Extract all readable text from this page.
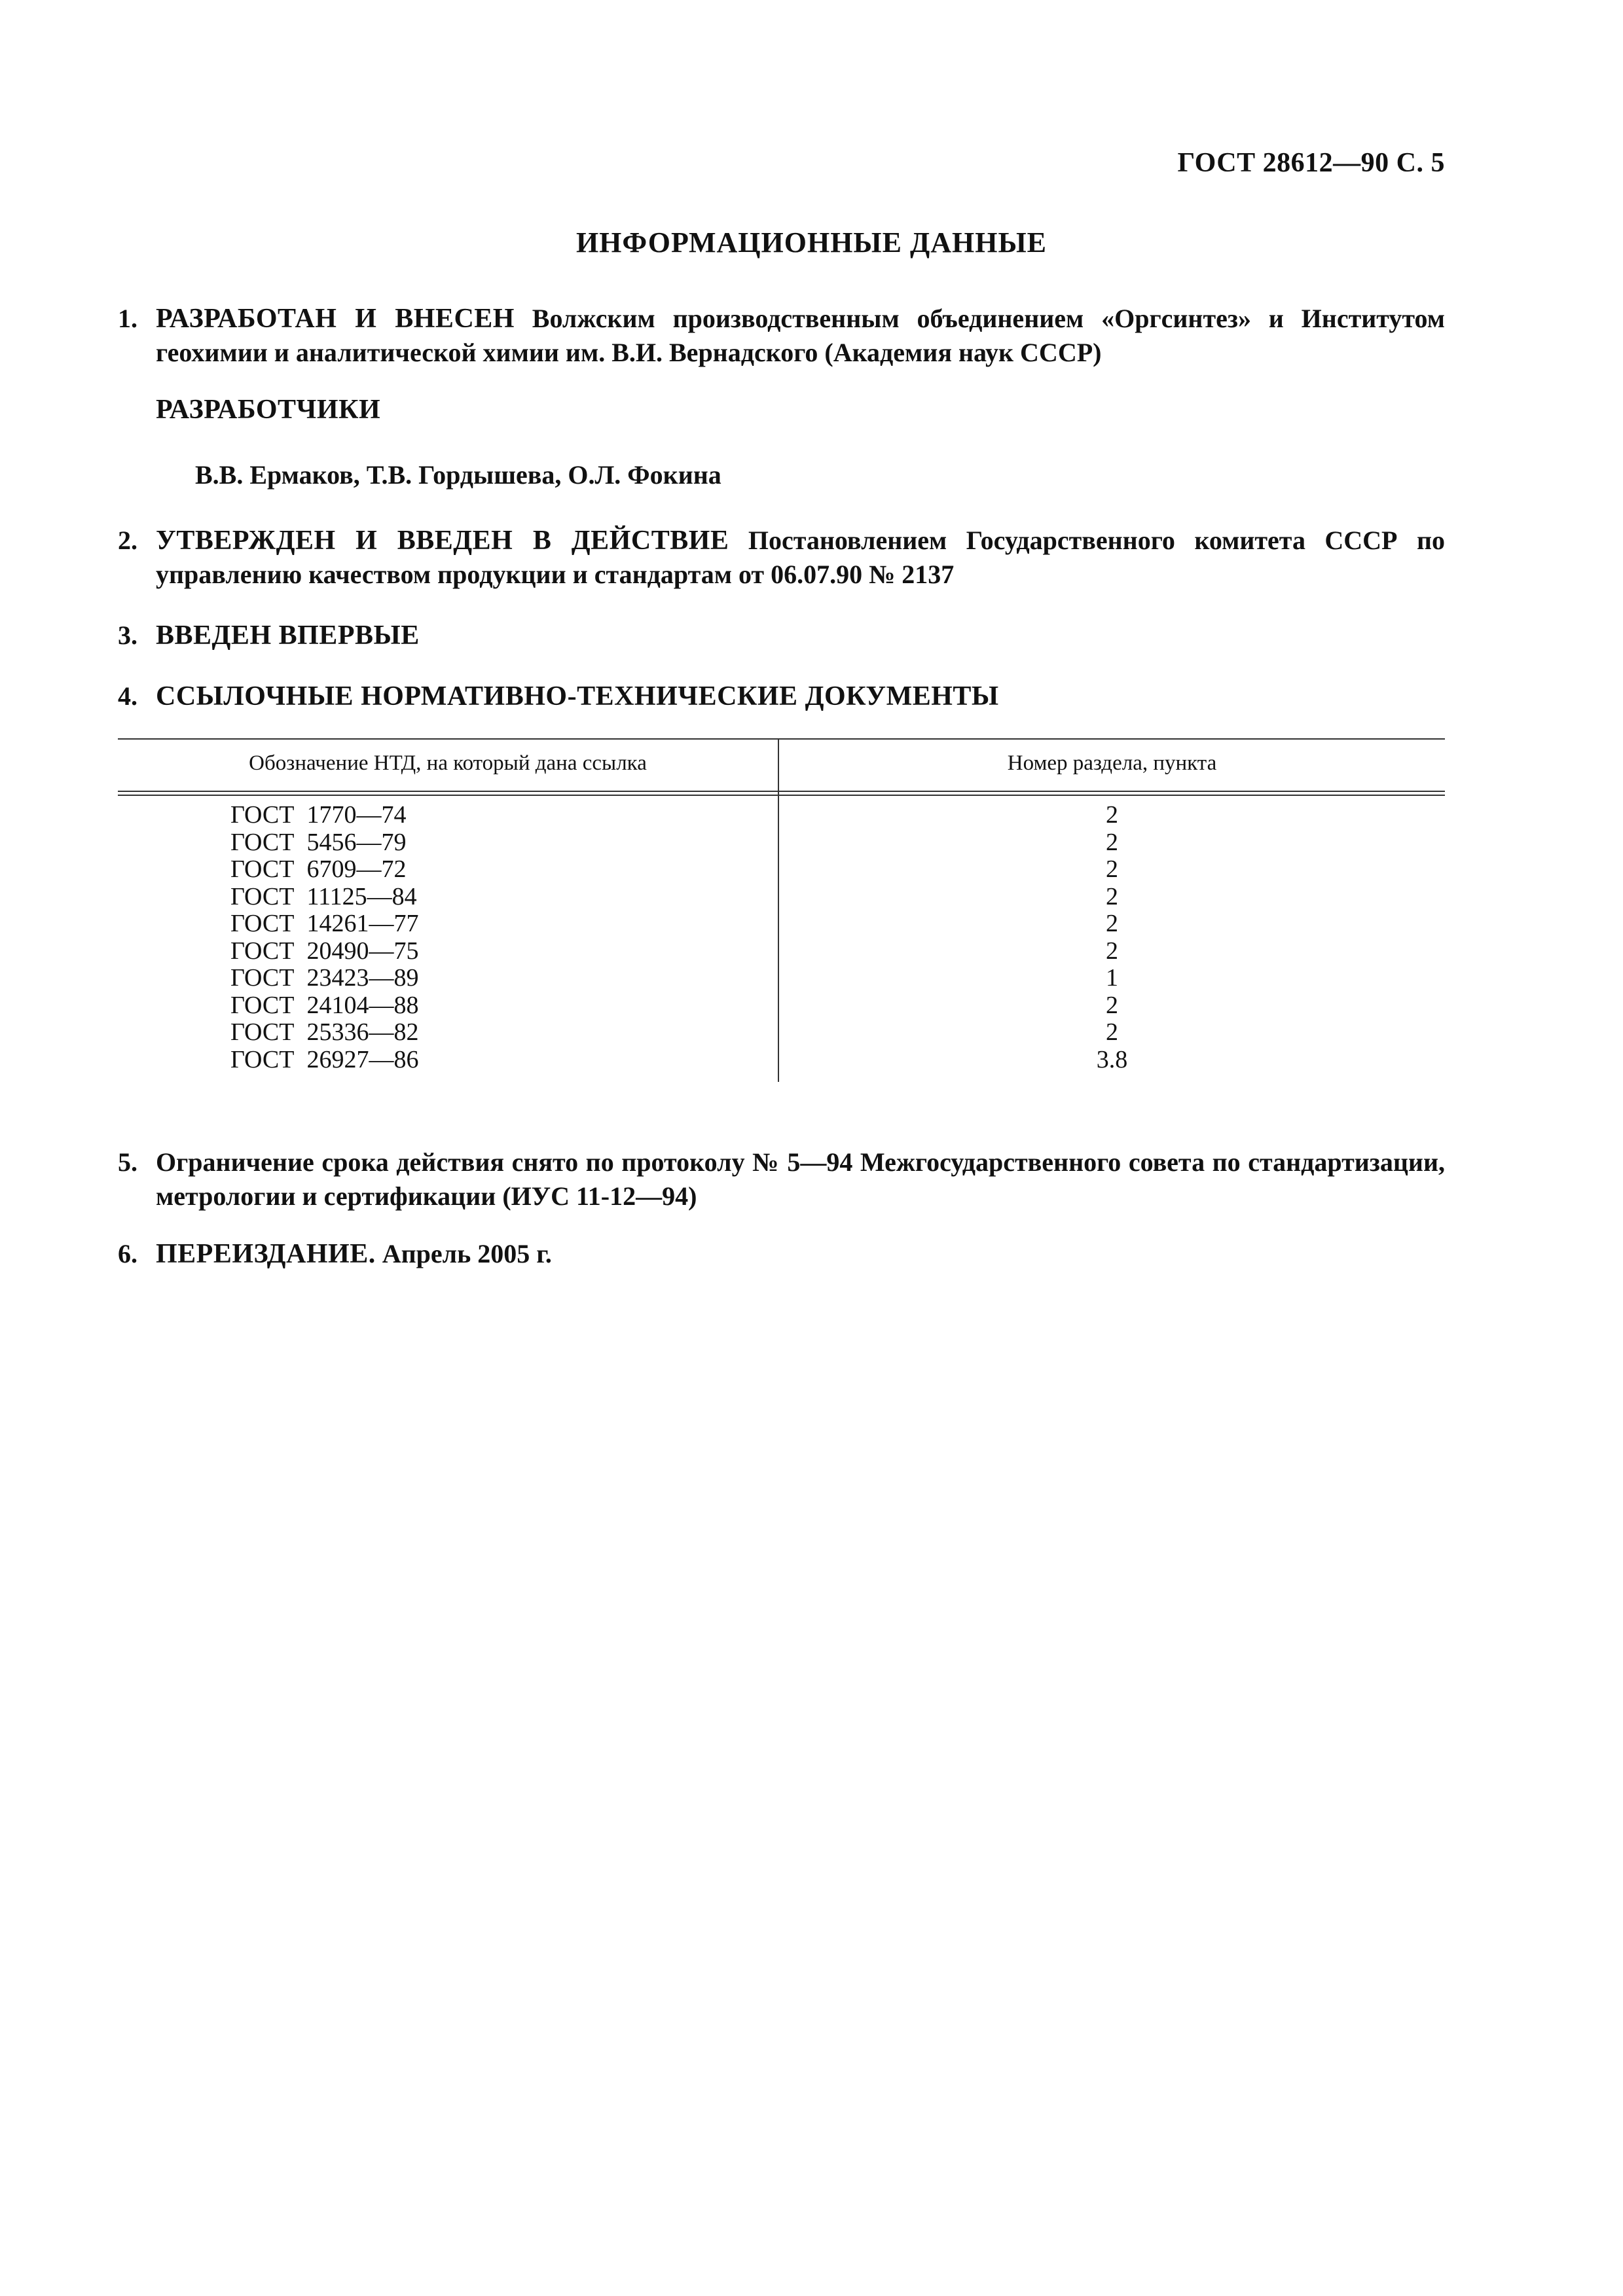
ГОСТ 28612—90 С. 5
ИНФОРМАЦИОННЫЕ ДАННЫЕ
1. РАЗРАБОТАН И ВНЕСЕН Волжским производственным объединением «Оргсинтез» и Институтом геохимии и аналитической химии им. В.И. Вернадского (Академия наук СССР)
РАЗРАБОТЧИКИ
В.В. Ермаков, Т.В. Гордышева, О.Л. Фокина
2. УТВЕРЖДЕН И ВВЕДЕН В ДЕЙСТВИЕ Постановлением Государственного комитета СССР по управлению качеством продукции и стандартам от 06.07.90 № 2137
3. ВВЕДЕН ВПЕРВЫЕ
4. ССЫЛОЧНЫЕ НОРМАТИВНО-ТЕХНИЧЕСКИЕ ДОКУМЕНТЫ
Обозначение НТД, на который дана ссылка	Номер раздела, пункта
ГОСТ  1770—74	2
ГОСТ  5456—79	2
ГОСТ  6709—72	2
ГОСТ  11125—84	2
ГОСТ  14261—77	2
ГОСТ  20490—75	2
ГОСТ  23423—89	1
ГОСТ  24104—88	2
ГОСТ  25336—82	2
ГОСТ  26927—86	3.8
5. Ограничение срока действия снято по протоколу № 5—94 Межгосударственного совета по стандартизации, метрологии и сертификации (ИУС 11-12—94)
6. ПЕРЕИЗДАНИЕ. Апрель 2005 г.
